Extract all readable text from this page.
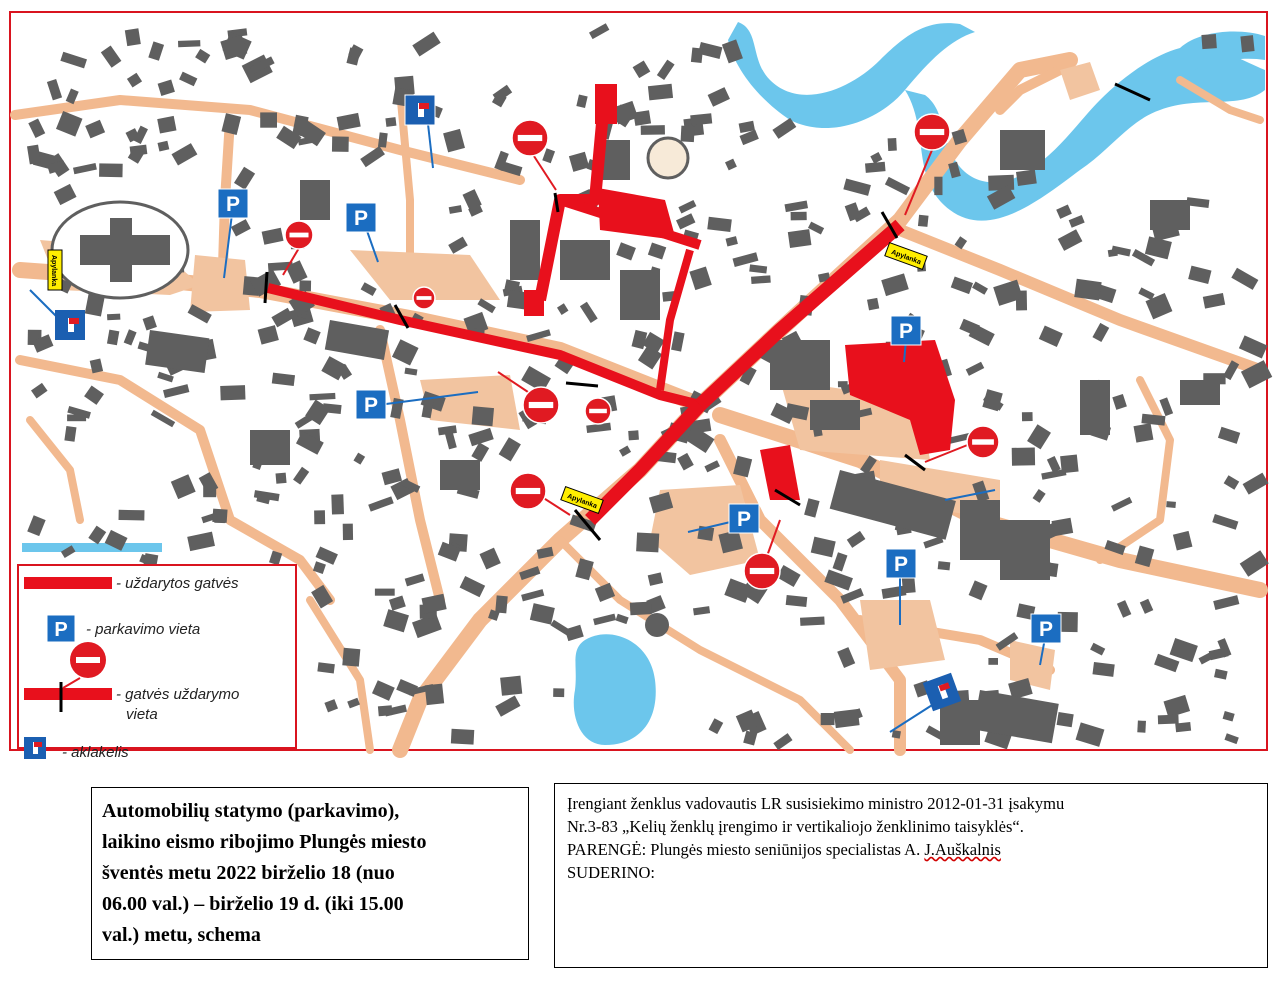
P
P
P
P
P
P
P
Apylanka	Apylanka
Apylanka
- uždarytos gatvės
P - parkavimo vieta
- gatvės uždarymo
vieta
- aklakelis
Automobilių statymo (parkavimo),
laikino eismo ribojimo Plungės miesto
šventės metu 2022 birželio 18 (nuo
06.00 val.) – birželio 19 d. (iki 15.00
val.) metu, schema
Įrengiant ženklus vadovautis LR susisiekimo ministro 2012-01-31 įsakymu
Nr.3-83 „Kelių ženklų įrengimo ir vertikaliojo ženklinimo taisyklės“.
PARENGĖ: Plungės miesto seniūnijos specialistas A. J.Auškalnis
SUDERINO:
